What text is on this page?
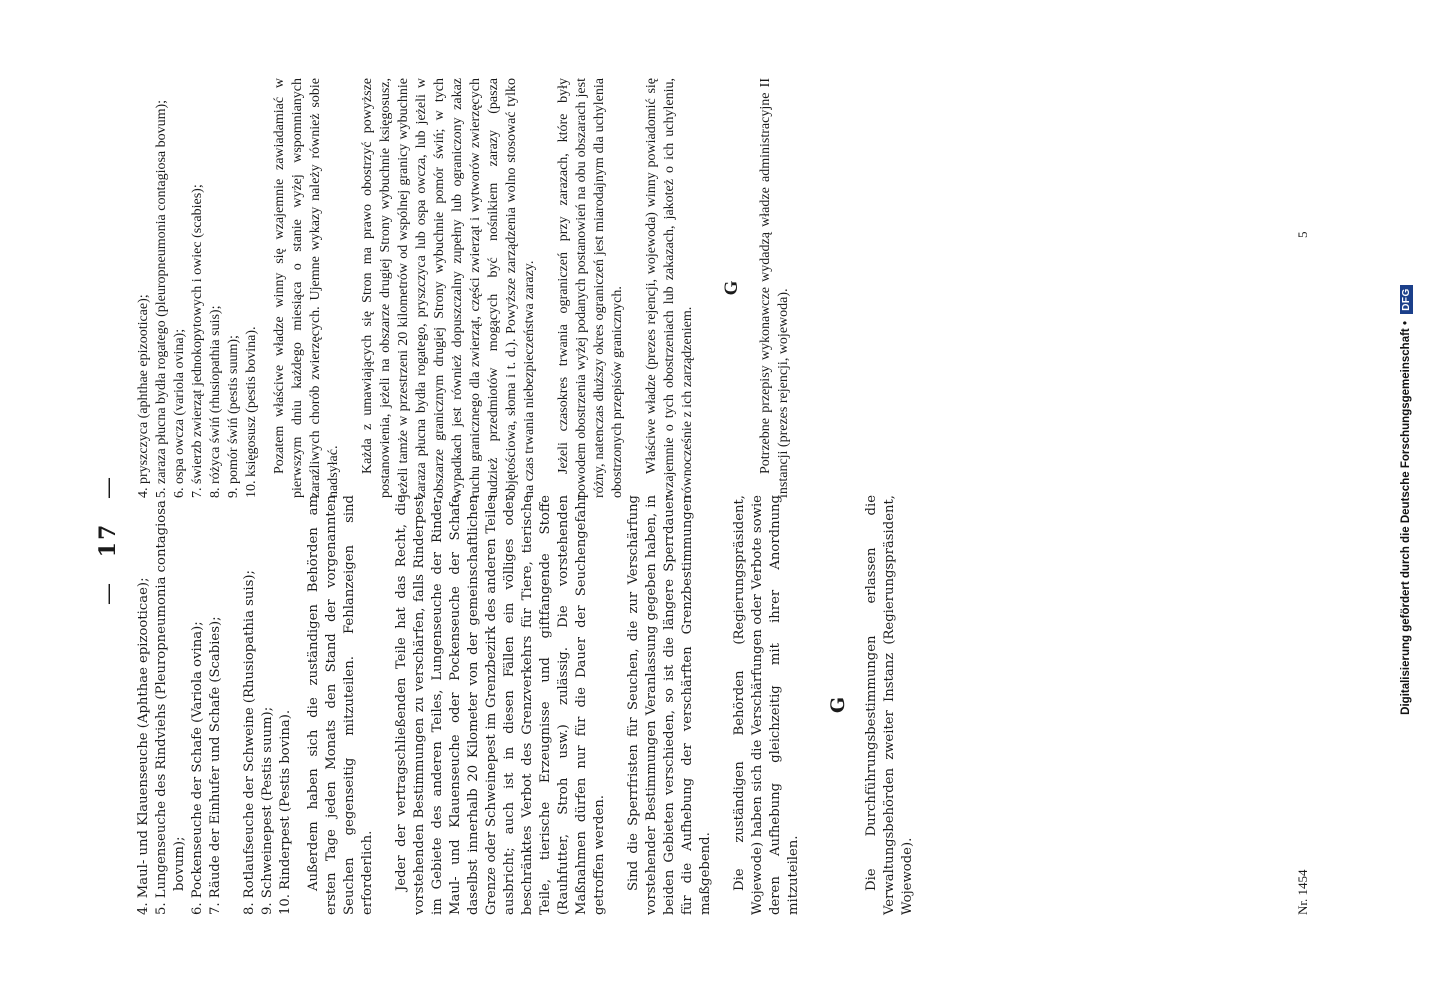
— 17 —
4. Maul- und Klauenseuche (Aphthae epizooticae);
5. Lungenseuche des Rindviehs (Pleuropneumonia contagiosa bovum);
6. Pockenseuche der Schafe (Variola ovina);
7. Räude der Einhufer und Schafe (Scabies);
8. Rotlaufseuche der Schweine (Rhusiopathia suis);
9. Schweinepest (Pestis suum);
10. Rinderpest (Pestis bovina). Außerdem haben sich die zuständigen Behörden am ersten Tage jeden Monats den Stand der vorgenannten Seuchen gegenseitig mitzuteilen. Fehlanzeigen sind erforderlich. Jeder der vertragschließenden Teile hat das Recht, die vorstehenden Bestimmungen zu verschärfen, falls Rinderpest im Gebiete des anderen Teiles, Lungenseuche der Rinder, Maul- und Klauenseuche oder Pockenseuche der Schafe daselbst innerhalb 20 Kilometer von der gemeinschaftlichen Grenze oder Schweinepest im Grenzbezirk des anderen Teiles ausbricht; auch ist in diesen Fällen ein völliges oder beschränktes Verbot des Grenzverkehrs für Tiere, tierische Teile, tierische Erzeugnisse und giftfangende Stoffe (Rauhfutter, Stroh usw.) zulässig. Die vorstehenden Maßnahmen dürfen nur für die Dauer der Seuchengefahr getroffen werden. Sind die Sperrfristen für Seuchen, die zur Verschärfung vorstehender Bestimmungen Veranlassung gegeben haben, in beiden Gebieten verschieden, so ist die längere Sperrdauer für die Aufhebung der verschärften Grenzbestimmungen maßgebend. Die zuständigen Behörden (Regierungspräsident, Wojewode) haben sich die Verschärfungen oder Verbote sowie deren Aufhebung gleichzeitig mit ihrer Anordnung mitzuteilen.

G Die Durchführungsbestimmungen erlassen die Verwaltungsbehörden zweiter Instanz (Regierungspräsident, Wojewode).

4. pryszczyca (aphthae epizooticae);
5. zaraza płucna bydła rogatego (pleuropneumonia contagiosa bovum);
6. ospa owcza (variola ovina);
7. świerzb zwierząt jednokopytowych i owiec (scabies);
8. różyca świń (rhusiopathia suis);
9. pomór świń (pestis suum);
10. księgosusz (pestis bovina). Pozatem właściwe władze winny się wzajemnie zawiadamiać w pierwszym dniu każdego miesiąca o stanie wyżej wspomnianych zaraźliwych chorób zwierzęcych. Ujemne wykazy należy również sobie nadsyłać. Każda z umawiających się Stron ma prawo obostrzyć powyższe postanowienia, jeżeli na obszarze drugiej Strony wybuchnie księgosusz, jeżeli tamże w przestrzeni 20 kilometrów od wspólnej granicy wybuchnie zaraza płucna bydła rogatego, pryszczyca lub ospa owcza, lub jeżeli w obszarze granicznym drugiej Strony wybuchnie pomór świń; w tych wypadkach jest również dopuszczalny zupełny lub ograniczony zakaz ruchu granicznego dla zwierząt, części zwierząt i wytworów zwierzęcych tudzież przedmiotów mogących być nośnikiem zarazy (pasza objętościowa, słoma i t. d.). Powyższe zarządzenia wolno stosować tylko na czas trwania niebezpieczeństwa zarazy. Jeżeli czasokres trwania ograniczeń przy zarazach, które były powodem obostrzenia wyżej podanych postanowień na obu obszarach jest różny, natenczas dłuższy okres ograniczeń jest miarodajnym dla uchylenia obostrzonych przepisów granicznych. Właściwe władze (prezes rejencji, wojewoda) winny powiadomić się wzajemnie o tych obostrzeniach lub zakazach, jakoteż o ich uchyleniu, równocześnie z ich zarządzeniem.

G Potrzebne przepisy wykonawcze wydadzą władze administracyjne II instancji (prezes rejencji, wojewoda).

Nr. 1454
5
Digitalisierung gefördert durch die Deutsche Forschungsgemeinschaft • DFG
